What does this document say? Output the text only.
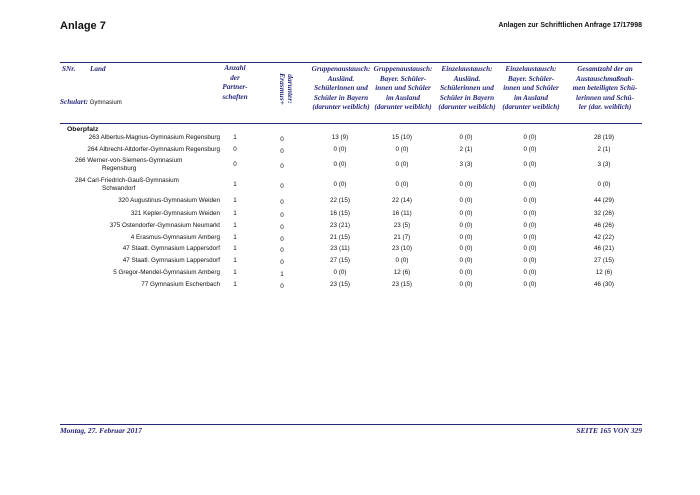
Anlage 7	Anlagen zur Schriftlichen Anfrage 17/17998
SNr. Land
Schulart: Gymnasium
Anzahl
der
Partner-
schaften	darunter:
Erasmus+
Gruppenaustausch:
Ausländ.
Schülerinnen und
Schüler in Bayern
(darunter weiblich)
Gruppenaustausch:
Bayer. Schüler-
innen und Schüler
im Ausland
(darunter weiblich)
Einzelaustausch:
Ausländ.
Schülerinnen und
Schüler in Bayern
(darunter weiblich)
Einzelaustausch:
Bayer. Schüler-
innen und Schüler
im Ausland
(darunter weiblich)
Gesamtzahl der an
Austauschmaßnah-
men beteiligten Schü-
lerinnen und Schü-
ler (dar. weiblich)
Oberpfalz
263 Albertus-Magnus-Gymnasium Regensburg	1	0	13 (9)	15 (10)	0 (0)	0 (0)	28 (19)
264 Albrecht-Altdorfer-Gymnasium Regensburg	0	0	0 (0)	0 (0)	2 (1)	0 (0)	2 (1)
266 Werner-von-Siemens-Gymnasium
Regensburg
0	0	0 (0)	0 (0)	3 (3)	0 (0)	3 (3)
284 Carl-Friedrich-Gauß-Gymnasium
Schwandorf
1	0	0 (0)	0 (0)	0 (0)	0 (0)	0 (0)
320 Augustinus-Gymnasium Weiden	1	0	22 (15)	22 (14)	0 (0)	0 (0)	44 (29)
321 Kepler-Gymnasium Weiden	1	0	16 (15)	16 (11)	0 (0)	0 (0)	32 (26)
375 Ostendorfer-Gymnasium Neumarkt	1	0	23 (21)	23 (5)	0 (0)	0 (0)	46 (26)
4 Erasmus-Gymnasium Amberg	1	0	21 (15)	21 (7)	0 (0)	0 (0)	42 (22)
47 Staatl. Gymnasium Lappersdorf	1	0	23 (11)	23 (10)	0 (0)	0 (0)	46 (21)
47 Staatl. Gymnasium Lappersdorf	1	0	27 (15)	0 (0)	0 (0)	0 (0)	27 (15)
5 Gregor-Mendel-Gymnasium Amberg	1	1	0 (0)	12 (6)	0 (0)	0 (0)	12 (6)
77 Gymnasium Eschenbach	1	0	23 (15)	23 (15)	0 (0)	0 (0)	46 (30)
Montag, 27. Februar 2017	SEITE 165 VON 329
